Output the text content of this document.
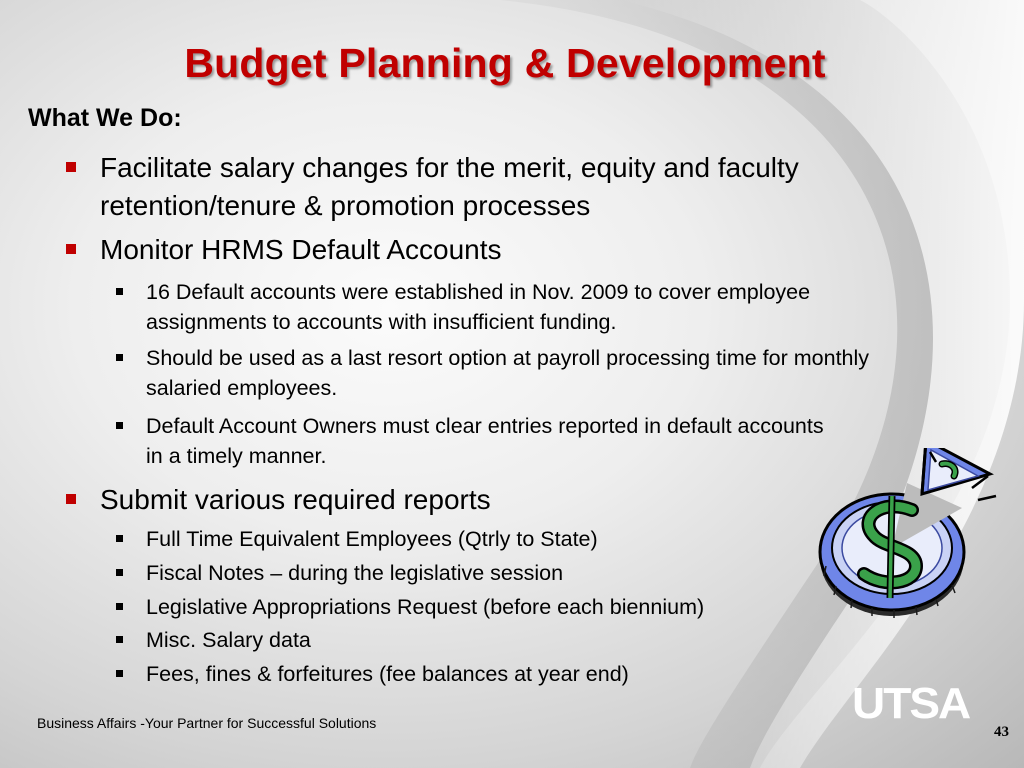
Budget Planning & Development
What We Do:
Facilitate salary changes for the merit, equity and faculty retention/tenure & promotion processes
Monitor HRMS Default Accounts
16 Default accounts were established in Nov. 2009 to cover employee assignments to accounts with insufficient funding.
Should be used as a last resort option at payroll processing time for monthly salaried employees.
Default Account Owners must clear entries reported in default accounts in a timely manner.
Submit various required reports
Full Time Equivalent Employees (Qtrly to State)
Fiscal Notes – during the legislative session
Legislative Appropriations Request (before each biennium)
Misc. Salary data
Fees, fines & forfeitures (fee balances at year end)
UTSA
Business Affairs -Your Partner for Successful Solutions
43
